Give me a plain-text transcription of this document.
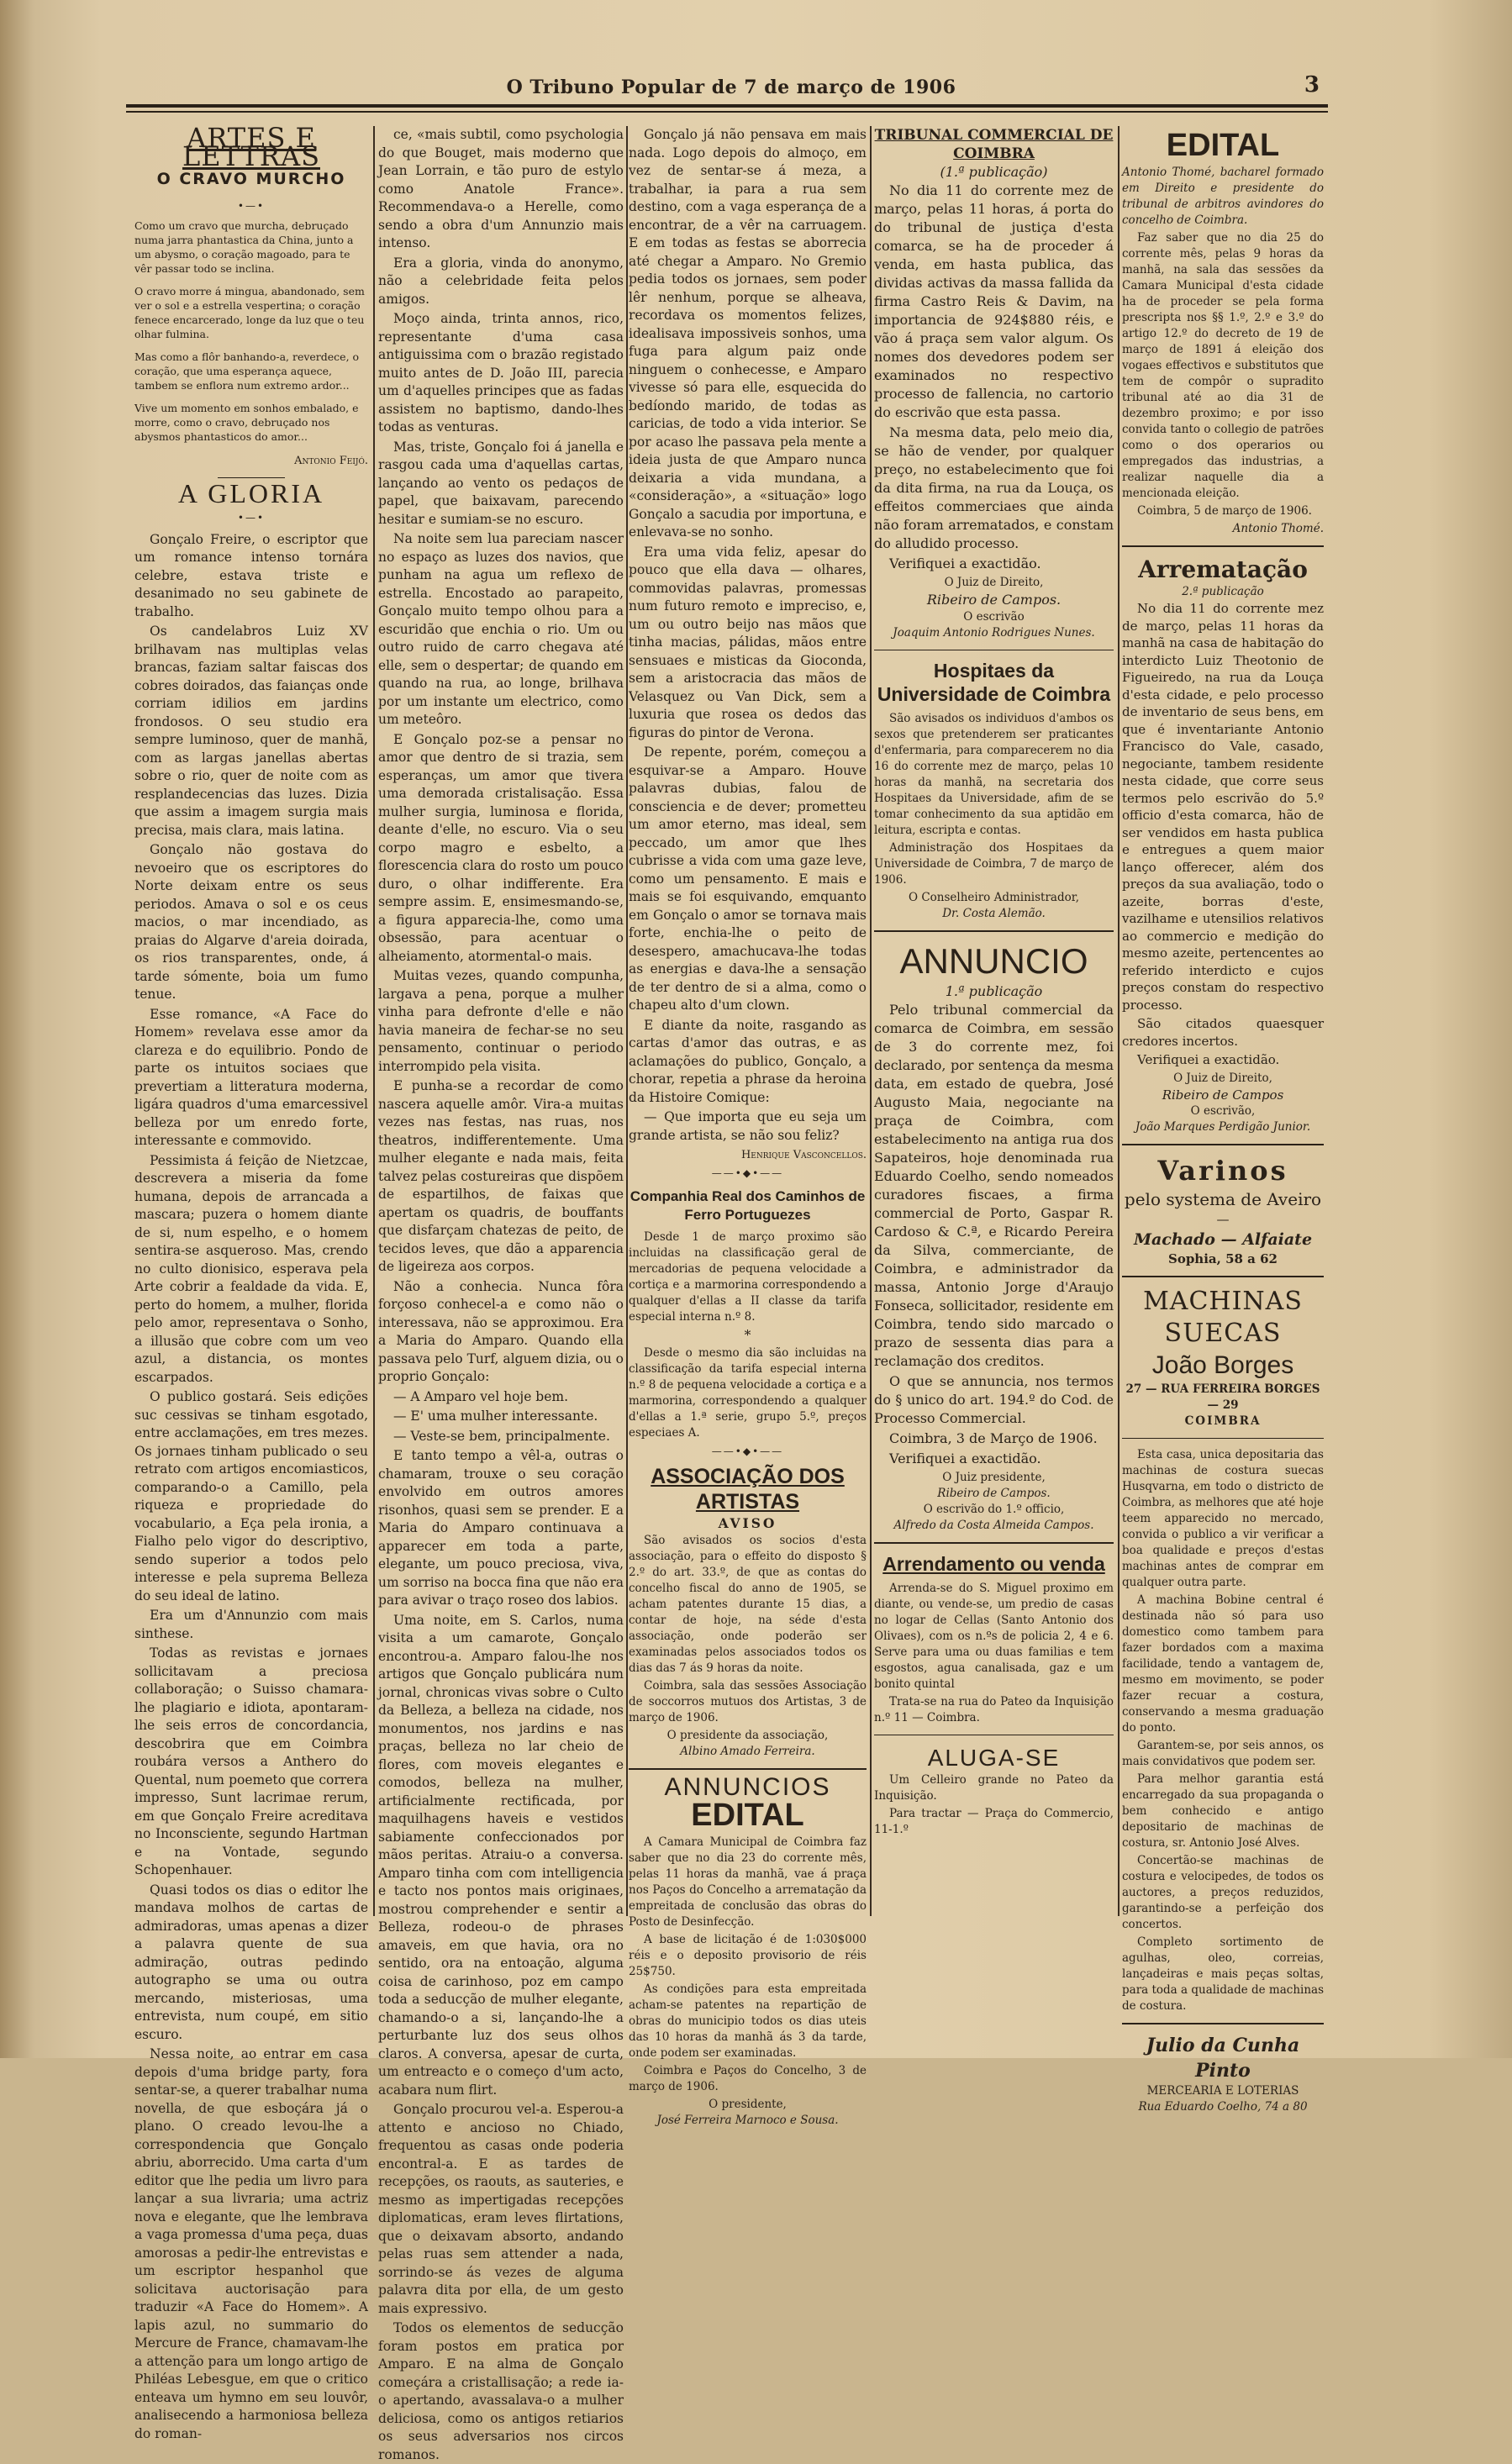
O Tribuno Popular de 7 de março de 1906	3
ARTES E LETTRAS
O CRAVO MURCHO
•—•
Como um cravo que murcha, debruçado numa jarra phantastica da China, junto a um abysmo, o coração magoado, para te vêr passar todo se inclina.
O cravo morre á mingua, abandonado, sem ver o sol e a estrella vespertina; o coração fenece encarcerado, longe da luz que o teu olhar fulmina.
Mas como a flôr banhando-a, reverdece, o coração, que uma esperança aquece, tambem se enflora num extremo ardor...
Vive um momento em sonhos embalado, e morre, como o cravo, debruçado nos abysmos phantasticos do amor...
Antonio Feijó.
A GLORIA
•—•

Gonçalo Freire, o escriptor que um romance intenso tornára celebre, estava triste e desanimado no seu gabinete de trabalho.

Os candelabros Luiz XV brilhavam nas multiplas velas brancas, faziam saltar faiscas dos cobres doirados, das faianças onde corriam idilios em jardins frondosos. O seu studio era sempre luminoso, quer de manhã, com as largas janellas abertas sobre o rio, quer de noite com as resplandecencias das luzes. Dizia que assim a imagem surgia mais precisa, mais clara, mais latina.

Gonçalo não gostava do nevoeiro que os escriptores do Norte deixam entre os seus periodos. Amava o sol e os ceus macios, o mar incendiado, as praias do Algarve d'areia doirada, os rios transparentes, onde, á tarde sómente, boia um fumo tenue.

Esse romance, «A Face do Homem» revelava esse amor da clareza e do equilibrio. Pondo de parte os intuitos sociaes que prevertiam a litteratura moderna, ligára quadros d'uma emarcessivel belleza por um enredo forte, interessante e commovido.

Pessimista á feição de Nietzcae, descrevera a miseria da fome humana, depois de arrancada a mascara; puzera o homem diante de si, num espelho, e o homem sentira-se asqueroso. Mas, crendo no culto dionisico, esperava pela Arte cobrir a fealdade da vida. E, perto do homem, a mulher, florida pelo amor, representava o Sonho, a illusão que cobre com um veo azul, a distancia, os montes escarpados.

O publico gostará. Seis edições suc cessivas se tinham esgotado, entre acclamações, em tres mezes. Os jornaes tinham publicado o seu retrato com artigos encomiasticos, comparando-o a Camillo, pela riqueza e propriedade do vocabulario, a Eça pela ironia, a Fialho pelo vigor do descriptivo, sendo superior a todos pelo interesse e pela suprema Belleza do seu ideal de latino.

Era um d'Annunzio com mais sinthese.

Todas as revistas e jornaes sollicitavam a preciosa collaboração; o Suisso chamara-lhe plagiario e idiota, apontaram-lhe seis erros de concordancia, descobrira que em Coimbra roubára versos a Anthero do Quental, num poemeto que correra impresso, Sunt lacrimae rerum, em que Gonçalo Freire acreditava no Inconsciente, segundo Hartman e na Vontade, segundo Schopenhauer.

Quasi todos os dias o editor lhe mandava molhos de cartas de admiradoras, umas apenas a dizer a palavra quente de sua admiração, outras pedindo autographo se uma ou outra mercando, misteriosas, uma entrevista, num coupé, em sitio escuro.

Nessa noite, ao entrar em casa depois d'uma bridge party, fora sentar-se, a querer trabalhar numa novella, de que esboçára já o plano. O creado levou-lhe a correspondencia que Gonçalo abriu, aborrecido. Uma carta d'um editor que lhe pedia um livro para lançar a sua livraria; uma actriz nova e elegante, que lhe lembrava a vaga promessa d'uma peça, duas amorosas a pedir-lhe entrevistas e um escriptor hespanhol que solicitava auctorisação para traduzir «A Face do Homem». A lapis azul, no summario do Mercure de France, chamavam-lhe a attenção para um longo artigo de Philéas Lebesgue, em que o critico enteava um hymno em seu louvôr, analisecendo a harmoniosa belleza do roman-

ce, «mais subtil, como psychologia do que Bouget, mais moderno que Jean Lorrain, e tão puro de estylo como Anatole France». Recommendava-o a Herelle, como sendo a obra d'um Annunzio mais intenso.

Era a gloria, vinda do anonymo, não a celebridade feita pelos amigos.

Moço ainda, trinta annos, rico, representante d'uma casa antiguissima com o brazão registado muito antes de D. João III, parecia um d'aquelles principes que as fadas assistem no baptismo, dando-lhes todas as venturas.

Mas, triste, Gonçalo foi á janella e rasgou cada uma d'aquellas cartas, lançando ao vento os pedaços de papel, que baixavam, parecendo hesitar e sumiam-se no escuro.

Na noite sem lua pareciam nascer no espaço as luzes dos navios, que punham na agua um reflexo de estrella. Encostado ao parapeito, Gonçalo muito tempo olhou para a escuridão que enchia o rio. Um ou outro ruido de carro chegava até elle, sem o despertar; de quando em quando na rua, ao longe, brilhava por um instante um electrico, como um meteôro.

E Gonçalo poz-se a pensar no amor que dentro de si trazia, sem esperanças, um amor que tivera uma demorada cristalisação. Essa mulher surgia, luminosa e florida, deante d'elle, no escuro. Via o seu corpo magro e esbelto, a florescencia clara do rosto um pouco duro, o olhar indifferente. Era sempre assim. E, ensimesmando-se, a figura apparecia-lhe, como uma obsessão, para acentuar o alheiamento, atormental-o mais.

Muitas vezes, quando compunha, largava a pena, porque a mulher vinha para defronte d'elle e não havia maneira de fechar-se no seu pensamento, continuar o periodo interrompido pela visita.

E punha-se a recordar de como nascera aquelle amôr. Vira-a muitas vezes nas festas, nas ruas, nos theatros, indifferentemente. Uma mulher elegante e nada mais, feita talvez pelas costureiras que dispõem de espartilhos, de faixas que apertam os quadris, de bouffants que disfarçam chatezas de peito, de tecidos leves, que dão a apparencia de ligeireza aos corpos.

Não a conhecia. Nunca fôra forçoso conhecel-a e como não o interessava, não se approximou. Era a Maria do Amparo. Quando ella passava pelo Turf, alguem dizia, ou o proprio Gonçalo:

— A Amparo vel hoje bem.

— E' uma mulher interessante.

— Veste-se bem, principalmente.

E tanto tempo a vêl-a, outras o chamaram, trouxe o seu coração envolvido em outros amores risonhos, quasi sem se prender. E a Maria do Amparo continuava a apparecer em toda a parte, elegante, um pouco preciosa, viva, um sorriso na bocca fina que não era para avivar o traço roseo dos labios.

Uma noite, em S. Carlos, numa visita a um camarote, Gonçalo encontrou-a. Amparo falou-lhe nos artigos que Gonçalo publicára num jornal, chronicas vivas sobre o Culto da Belleza, a belleza na cidade, nos monumentos, nos jardins e nas praças, belleza no lar cheio de flores, com moveis elegantes e comodos, belleza na mulher, artificialmente rectificada, por maquilhagens haveis e vestidos sabiamente confeccionados por mãos peritas. Atraiu-o a conversa. Amparo tinha com com intelligencia e tacto nos pontos mais originaes, mostrou comprehender e sentir a Belleza, rodeou-o de phrases amaveis, em que havia, ora no sentido, ora na entoação, alguma coisa de carinhoso, poz em campo toda a seducção de mulher elegante, chamando-o a si, lançando-lhe a perturbante luz dos seus olhos claros. A conversa, apesar de curta, um entreacto e o começo d'um acto, acabara num flirt.

Gonçalo procurou vel-a. Esperou-a attento e ancioso no Chiado, frequentou as casas onde poderia encontral-a. E as tardes de recepções, os raouts, as sauteries, e mesmo as impertigadas recepções diplomaticas, eram leves flirtations, que o deixavam absorto, andando pelas ruas sem attender a nada, sorrindo-se ás vezes de alguma palavra dita por ella, de um gesto mais expressivo.

Todos os elementos de seducção foram postos em pratica por Amparo. E na alma de Gonçalo começára a cristallisação; a rede ia-o apertando, avassalava-o a mulher deliciosa, como os antigos retiarios os seus adversarios nos circos romanos.

Gonçalo já não pensava em mais nada. Logo depois do almoço, em vez de sentar-se á meza, a trabalhar, ia para a rua sem destino, com a vaga esperança de a encontrar, de a vêr na carruagem. E em todas as festas se aborrecia até chegar a Amparo. No Gremio pedia todos os jornaes, sem poder lêr nenhum, porque se alheava, recordava os momentos felizes, idealisava impossiveis sonhos, uma fuga para algum paiz onde ninguem o conhecesse, e Amparo vivesse só para elle, esquecida do bedíondo marido, de todas as caricias, de todo a vida interior. Se por acaso lhe passava pela mente a ideia justa de que Amparo nunca deixaria a vida mundana, a «consideração», a «situação» logo Gonçalo a sacudia por importuna, e enlevava-se no sonho.

Era uma vida feliz, apesar do pouco que ella dava — olhares, commovidas palavras, promessas num futuro remoto e impreciso, e, um ou outro beijo nas mãos que tinha macias, pálidas, mãos entre sensuaes e misticas da Gioconda, sem a aristocracia das mãos de Velasquez ou Van Dick, sem a luxuria que rosea os dedos das figuras do pintor de Verona.

De repente, porém, começou a esquivar-se a Amparo. Houve palavras dubias, falou de consciencia e de dever; prometteu um amor eterno, mas ideal, sem peccado, um amor que lhes cubrisse a vida com uma gaze leve, como um pensamento. E mais e mais se foi esquivando, emquanto em Gonçalo o amor se tornava mais forte, enchia-lhe o peito de desespero, amachucava-lhe todas as energias e dava-lhe a sensação de ter dentro de si a alma, como o chapeu alto d'um clown.

E diante da noite, rasgando as cartas d'amor das outras, e as aclamações do publico, Gonçalo, a chorar, repetia a phrase da heroina da Histoire Comique:

— Que importa que eu seja um grande artista, se não sou feliz?

Henrique Vasconcellos.
——•◆•——
Companhia Real dos Caminhos de Ferro Portuguezes

Desde 1 de março proximo são incluidas na classificação geral de mercadorias de pequena velocidade a cortiça e a marmorina correspondendo a qualquer d'ellas a II classe da tarifa especial interna n.º 8.

*

Desde o mesmo dia são incluidas na classificação da tarifa especial interna n.º 8 de pequena velocidade a cortiça e a marmorina, correspondendo a qualquer d'ellas a 1.ª serie, grupo 5.º, preços especiaes A.

——•◆•——
ASSOCIAÇÃO DOS ARTISTAS
AVISO

São avisados os socios d'esta associação, para o effeito do disposto § 2.º do art. 33.º, de que as contas do concelho fiscal do anno de 1905, se acham patentes durante 15 dias, a contar de hoje, na séde d'esta associação, onde poderão ser examinadas pelos associados todos os dias das 7 ás 9 horas da noite.

Coimbra, sala das sessões Associação de soccorros mutuos dos Artistas, 3 de março de 1906.

O presidente da associação,
Albino Amado Ferreira.
ANNUNCIOS
EDITAL

A Camara Municipal de Coimbra faz saber que no dia 23 do corrente mês, pelas 11 horas da manhã, vae á praça nos Paços do Concelho a arrematação da empreitada de conclusão das obras do Posto de Desinfecção.

A base de licitação é de 1:030$000 réis e o deposito provisorio de réis 25$750.

As condições para esta empreitada acham-se patentes na repartição de obras do municipio todos os dias uteis das 10 horas da manhã ás 3 da tarde, onde podem ser examinadas.

Coimbra e Paços do Concelho, 3 de março de 1906.

O presidente,
José Ferreira Marnoco e Sousa.
TRIBUNAL COMMERCIAL DE COIMBRA
(1.ª publicação)

No dia 11 do corrente mez de março, pelas 11 horas, á porta do do tribunal de justiça d'esta comarca, se ha de proceder á venda, em hasta publica, das dividas activas da massa fallida da firma Castro Reis & Davim, na importancia de 924$880 réis, e vão á praça sem valor algum. Os nomes dos devedores podem ser examinados no respectivo processo de fallencia, no cartorio do escrivão que esta passa.

Na mesma data, pelo meio dia, se hão de vender, por qualquer preço, no estabelecimento que foi da dita firma, na rua da Louça, os effeitos commerciaes que ainda não foram arrematados, e constam do alludido processo.

Verifiquei a exactidão.

O Juiz de Direito,
Ribeiro de Campos.
O escrivão
Joaquim Antonio Rodrigues Nunes.
Hospitaes da Universidade de Coimbra

São avisados os individuos d'ambos os sexos que pretenderem ser praticantes d'enfermaria, para comparecerem no dia 16 do corrente mez de março, pelas 10 horas da manhã, na secretaria dos Hospitaes da Universidade, afim de se tomar conhecimento da sua aptidão em leitura, escripta e contas.

Administração dos Hospitaes da Universidade de Coimbra, 7 de março de 1906.

O Conselheiro Administrador,
Dr. Costa Alemão.
ANNUNCIO
1.ª publicação

Pelo tribunal commercial da comarca de Coimbra, em sessão de 3 do corrente mez, foi declarado, por sentença da mesma data, em estado de quebra, José Augusto Maia, negociante na praça de Coimbra, com estabelecimento na antiga rua dos Sapateiros, hoje denominada rua Eduardo Coelho, sendo nomeados curadores fiscaes, a firma commercial de Porto, Gaspar R. Cardoso & C.ª, e Ricardo Pereira da Silva, commerciante, de Coimbra, e administrador da massa, Antonio Jorge d'Araujo Fonseca, sollicitador, residente em Coimbra, tendo sido marcado o prazo de sessenta dias para a reclamação dos creditos.

O que se annuncia, nos termos do § unico do art. 194.º do Cod. de Processo Commercial.

Coimbra, 3 de Março de 1906.

Verifiquei a exactidão.

O Juiz presidente,
Ribeiro de Campos.
O escrivão do 1.º officio,
Alfredo da Costa Almeida Campos.
Arrendamento ou venda

Arrenda-se do S. Miguel proximo em diante, ou vende-se, um predio de casas no logar de Cellas (Santo Antonio dos Olivaes), com os n.ºs de policia 2, 4 e 6. Serve para uma ou duas familias e tem esgostos, agua canalisada, gaz e um bonito quintal

Trata-se na rua do Pateo da Inquisição n.º 11 — Coimbra.

ALUGA-SE

Um Celleiro grande no Pateo da Inquisição.

Para tractar — Praça do Commercio, 11-1.º

EDITAL

Antonio Thomé, bacharel formado em Direito e presidente do tribunal de arbitros avindores do concelho de Coimbra.

Faz saber que no dia 25 do corrente mês, pelas 9 horas da manhã, na sala das sessões da Camara Municipal d'esta cidade ha de proceder se pela forma prescripta nos §§ 1.º, 2.º e 3.º do artigo 12.º do decreto de 19 de março de 1891 á eleição dos vogaes effectivos e substitutos que tem de compôr o supradito tribunal até ao dia 31 de dezembro proximo; e por isso convida tanto o collegio de patrões como o dos operarios ou empregados das industrias, a realizar naquelle dia a mencionada eleição.

Coimbra, 5 de março de 1906.

Antonio Thomé.
Arrematação
2.ª publicação

No dia 11 do corrente mez de março, pelas 11 horas da manhã na casa de habitação do interdicto Luiz Theotonio de Figueiredo, na rua da Louça d'esta cidade, e pelo processo de inventario de seus bens, em que é inventariante Antonio Francisco do Vale, casado, negociante, tambem residente nesta cidade, que corre seus termos pelo escrivão do 5.º officio d'esta comarca, hão de ser vendidos em hasta publica e entregues a quem maior lanço offerecer, além dos preços da sua avaliação, todo o azeite, borras d'este, vazilhame e utensilios relativos ao commercio e medição do mesmo azeite, pertencentes ao referido interdicto e cujos preços constam do respectivo processo.

São citados quaesquer credores incertos.

Verifiquei a exactidão.

O Juiz de Direito,
Ribeiro de Campos
O escrivão,
João Marques Perdigão Junior.
Varinos
pelo systema de Aveiro
—
Machado — Alfaiate
Sophia, 58 a 62
MACHINAS SUECAS
João Borges
27 — RUA FERREIRA BORGES — 29
COIMBRA

Esta casa, unica depositaria das machinas de costura suecas Husqvarna, em todo o districto de Coimbra, as melhores que até hoje teem apparecido no mercado, convida o publico a vir verificar a boa qualidade e preços d'estas machinas antes de comprar em qualquer outra parte.

A machina Bobine central é destinada não só para uso domestico como tambem para fazer bordados com a maxima facilidade, tendo a vantagem de, mesmo em movimento, se poder fazer recuar a costura, conservando a mesma graduação do ponto.

Garantem-se, por seis annos, os mais convidativos que podem ser.

Para melhor garantia está encarregado da sua propaganda o bem conhecido e antigo depositario de machinas de costura, sr. Antonio José Alves.

Concertão-se machinas de costura e velocipedes, de todos os auctores, a preços reduzidos, garantindo-se a perfeição dos concertos.

Completo sortimento de agulhas, oleo, correias, lançadeiras e mais peças soltas, para toda a qualidade de machinas de costura.

Julio da Cunha Pinto
MERCEARIA E LOTERIAS
Rua Eduardo Coelho, 74 a 80
